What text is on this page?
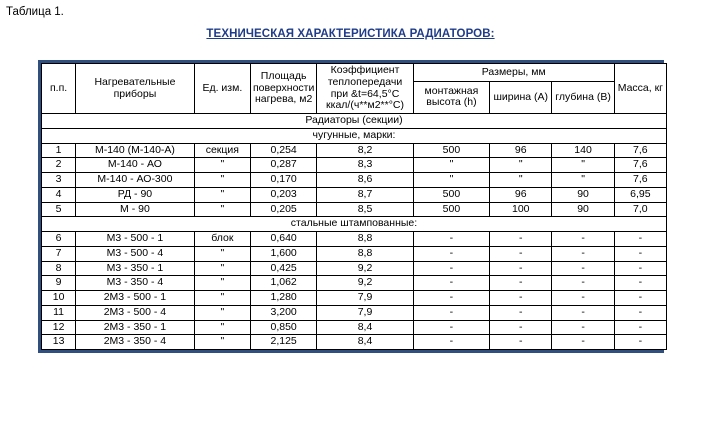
Таблица 1.
ТЕХНИЧЕСКАЯ ХАРАКТЕРИСТИКА РАДИАТОРОВ:
п.п.	Нагревательные приборы	Ед. изм.	Площадь поверхности нагрева, м2	Коэффициент теплопередачи при &t=64,5°С ккал/(ч**м2**°С)	Размеры, мм			Масса, кг
					монтажная высота (h)	ширина (А)	глубина (В)	
Радиаторы (секции)								
чугунные, марки:								
1	М-140 (М-140-А)	секция	0,254	8,2	500	96	140	7,6
2	М-140 - АО	"	0,287	8,3	"	"	"	7,6
3	М-140 - АО-300	"	0,170	8,6	"	"	"	7,6
4	РД - 90	"	0,203	8,7	500	96	90	6,95
5	М - 90	"	0,205	8,5	500	100	90	7,0
стальные штампованные:								
6	М3 - 500 - 1	блок	0,640	8,8	-	-	-	-
7	М3 - 500 - 4	"	1,600	8,8	-	-	-	-
8	М3 - 350 - 1	"	0,425	9,2	-	-	-	-
9	М3 - 350 - 4	"	1,062	9,2	-	-	-	-
10	2М3 - 500 - 1	"	1,280	7,9	-	-	-	-
11	2М3 - 500 - 4	"	3,200	7,9	-	-	-	-
12	2М3 - 350 - 1	"	0,850	8,4	-	-	-	-
13	2М3 - 350 - 4	"	2,125	8,4	-	-	-	-
